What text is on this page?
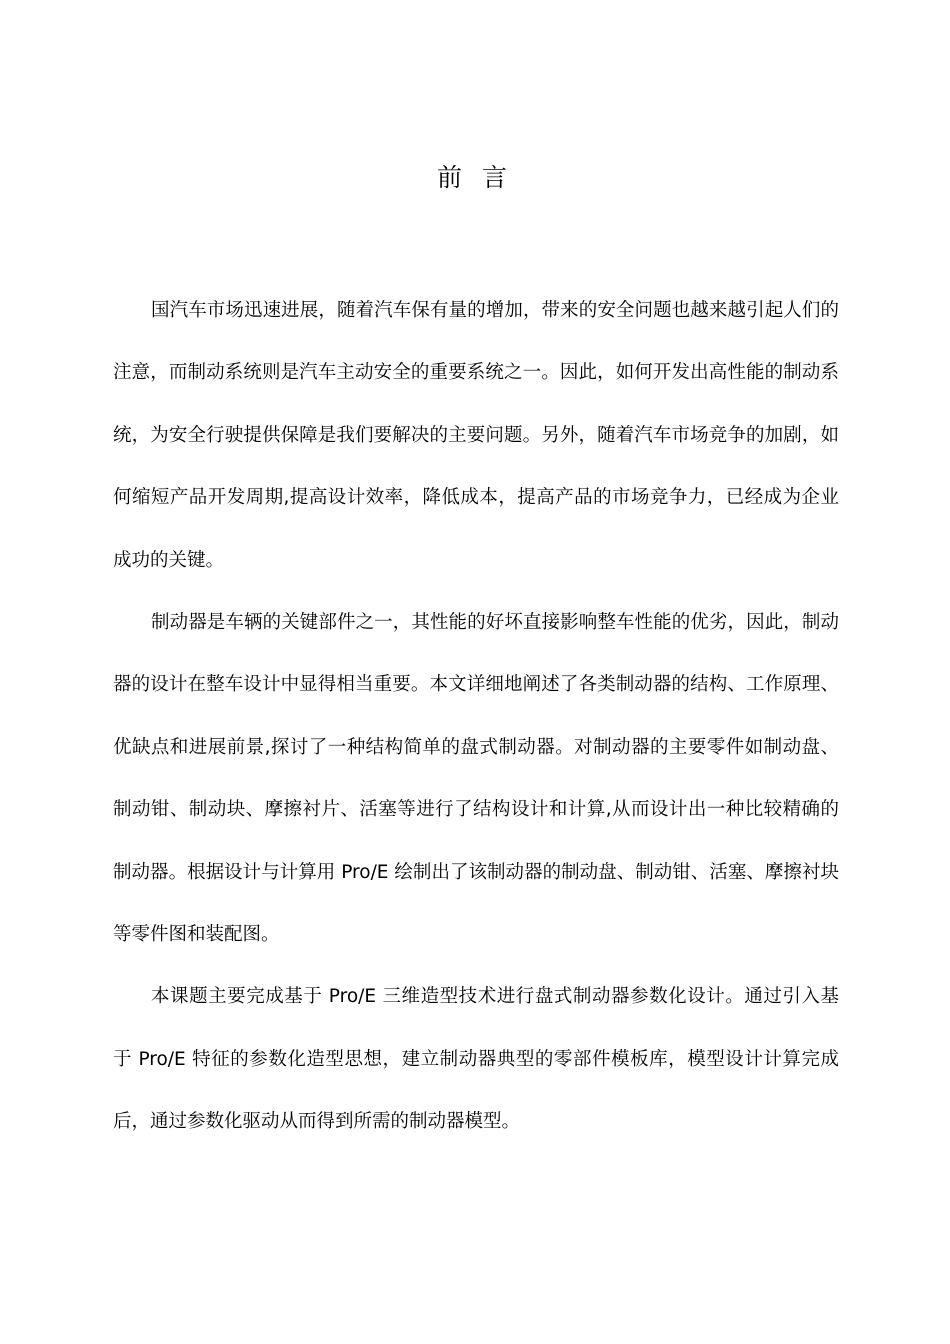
前 言

国汽车市场迅速进展，随着汽车保有量的增加，带来的安全问题也越来越引起人们的注意，而制动系统则是汽车主动安全的重要系统之一。因此，如何开发出高性能的制动系统，为安全行驶提供保障是我们要解决的主要问题。另外，随着汽车市场竞争的加剧，如何缩短产品开发周期,提高设计效率，降低成本，提高产品的市场竞争力，已经成为企业成功的关键。

制动器是车辆的关键部件之一，其性能的好坏直接影响整车性能的优劣，因此，制动器的设计在整车设计中显得相当重要。本文详细地阐述了各类制动器的结构、工作原理、优缺点和进展前景,探讨了一种结构简单的盘式制动器。对制动器的主要零件如制动盘、制动钳、制动块、摩擦衬片、活塞等进行了结构设计和计算,从而设计出一种比较精确的制动器。根据设计与计算用 Pro/E 绘制出了该制动器的制动盘、制动钳、活塞、摩擦衬块等零件图和装配图。

本课题主要完成基于 Pro/E 三维造型技术进行盘式制动器参数化设计。通过引入基于 Pro/E 特征的参数化造型思想，建立制动器典型的零部件模板库，模型设计计算完成后，通过参数化驱动从而得到所需的制动器模型。
